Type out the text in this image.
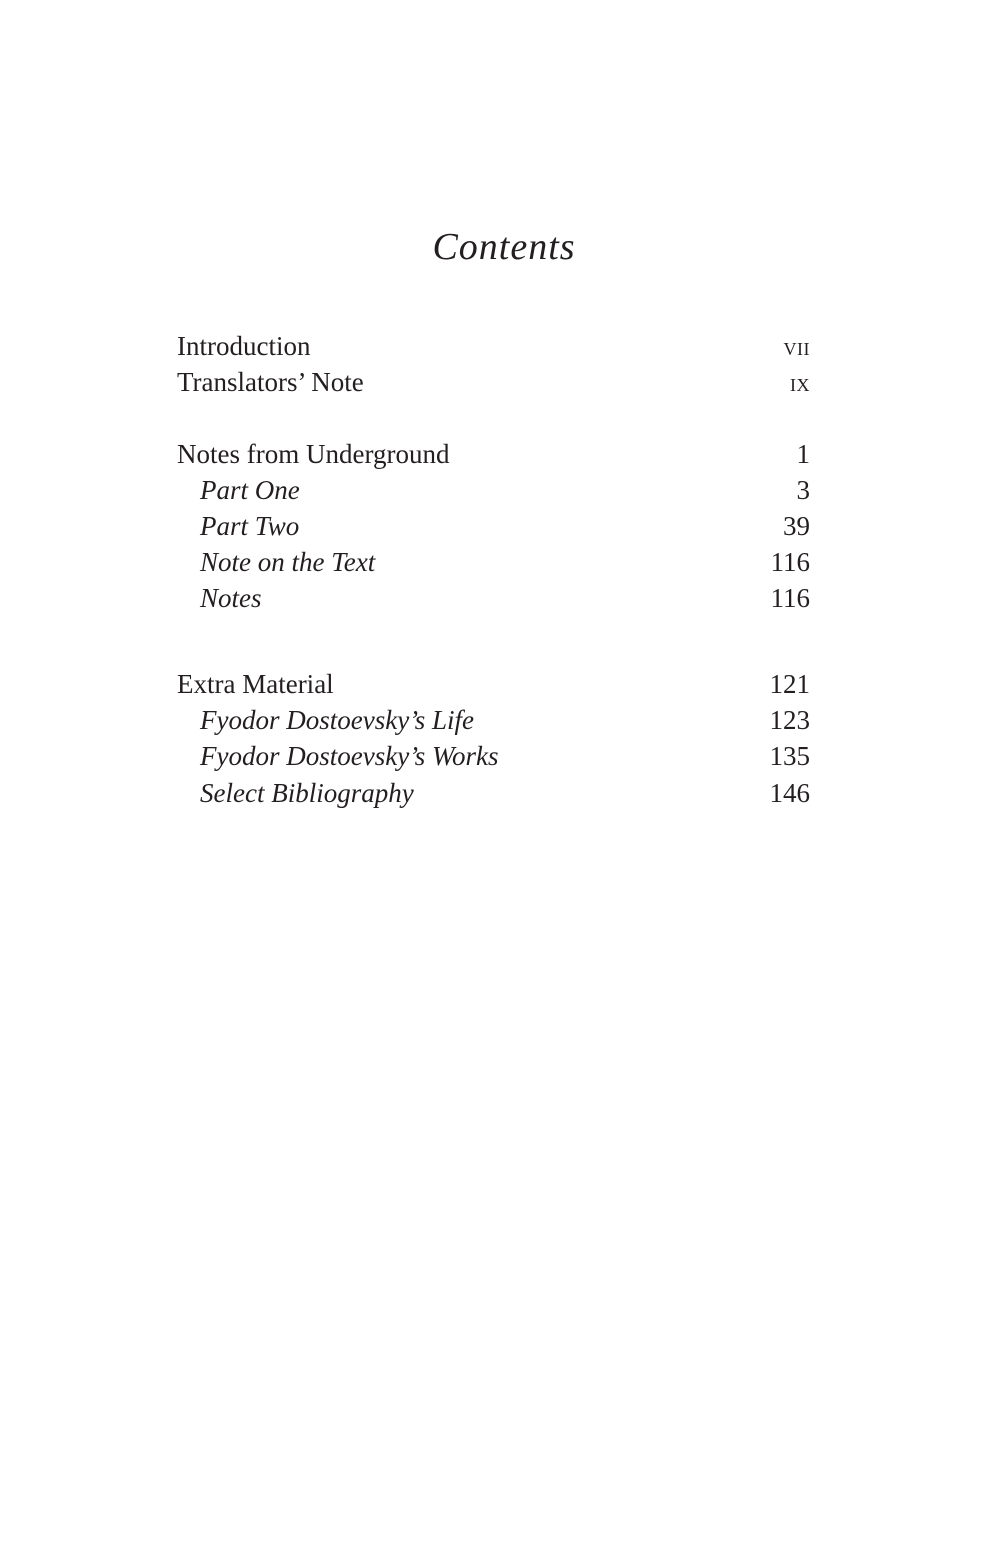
Contents
Introduction	VII
Translators’ Note	IX
Notes from Underground	1
Part One	3
Part Two	39
Note on the Text	116
Notes	116
Extra Material	121
Fyodor Dostoevsky’s Life	123
Fyodor Dostoevsky’s Works	135
Select Bibliography	146
